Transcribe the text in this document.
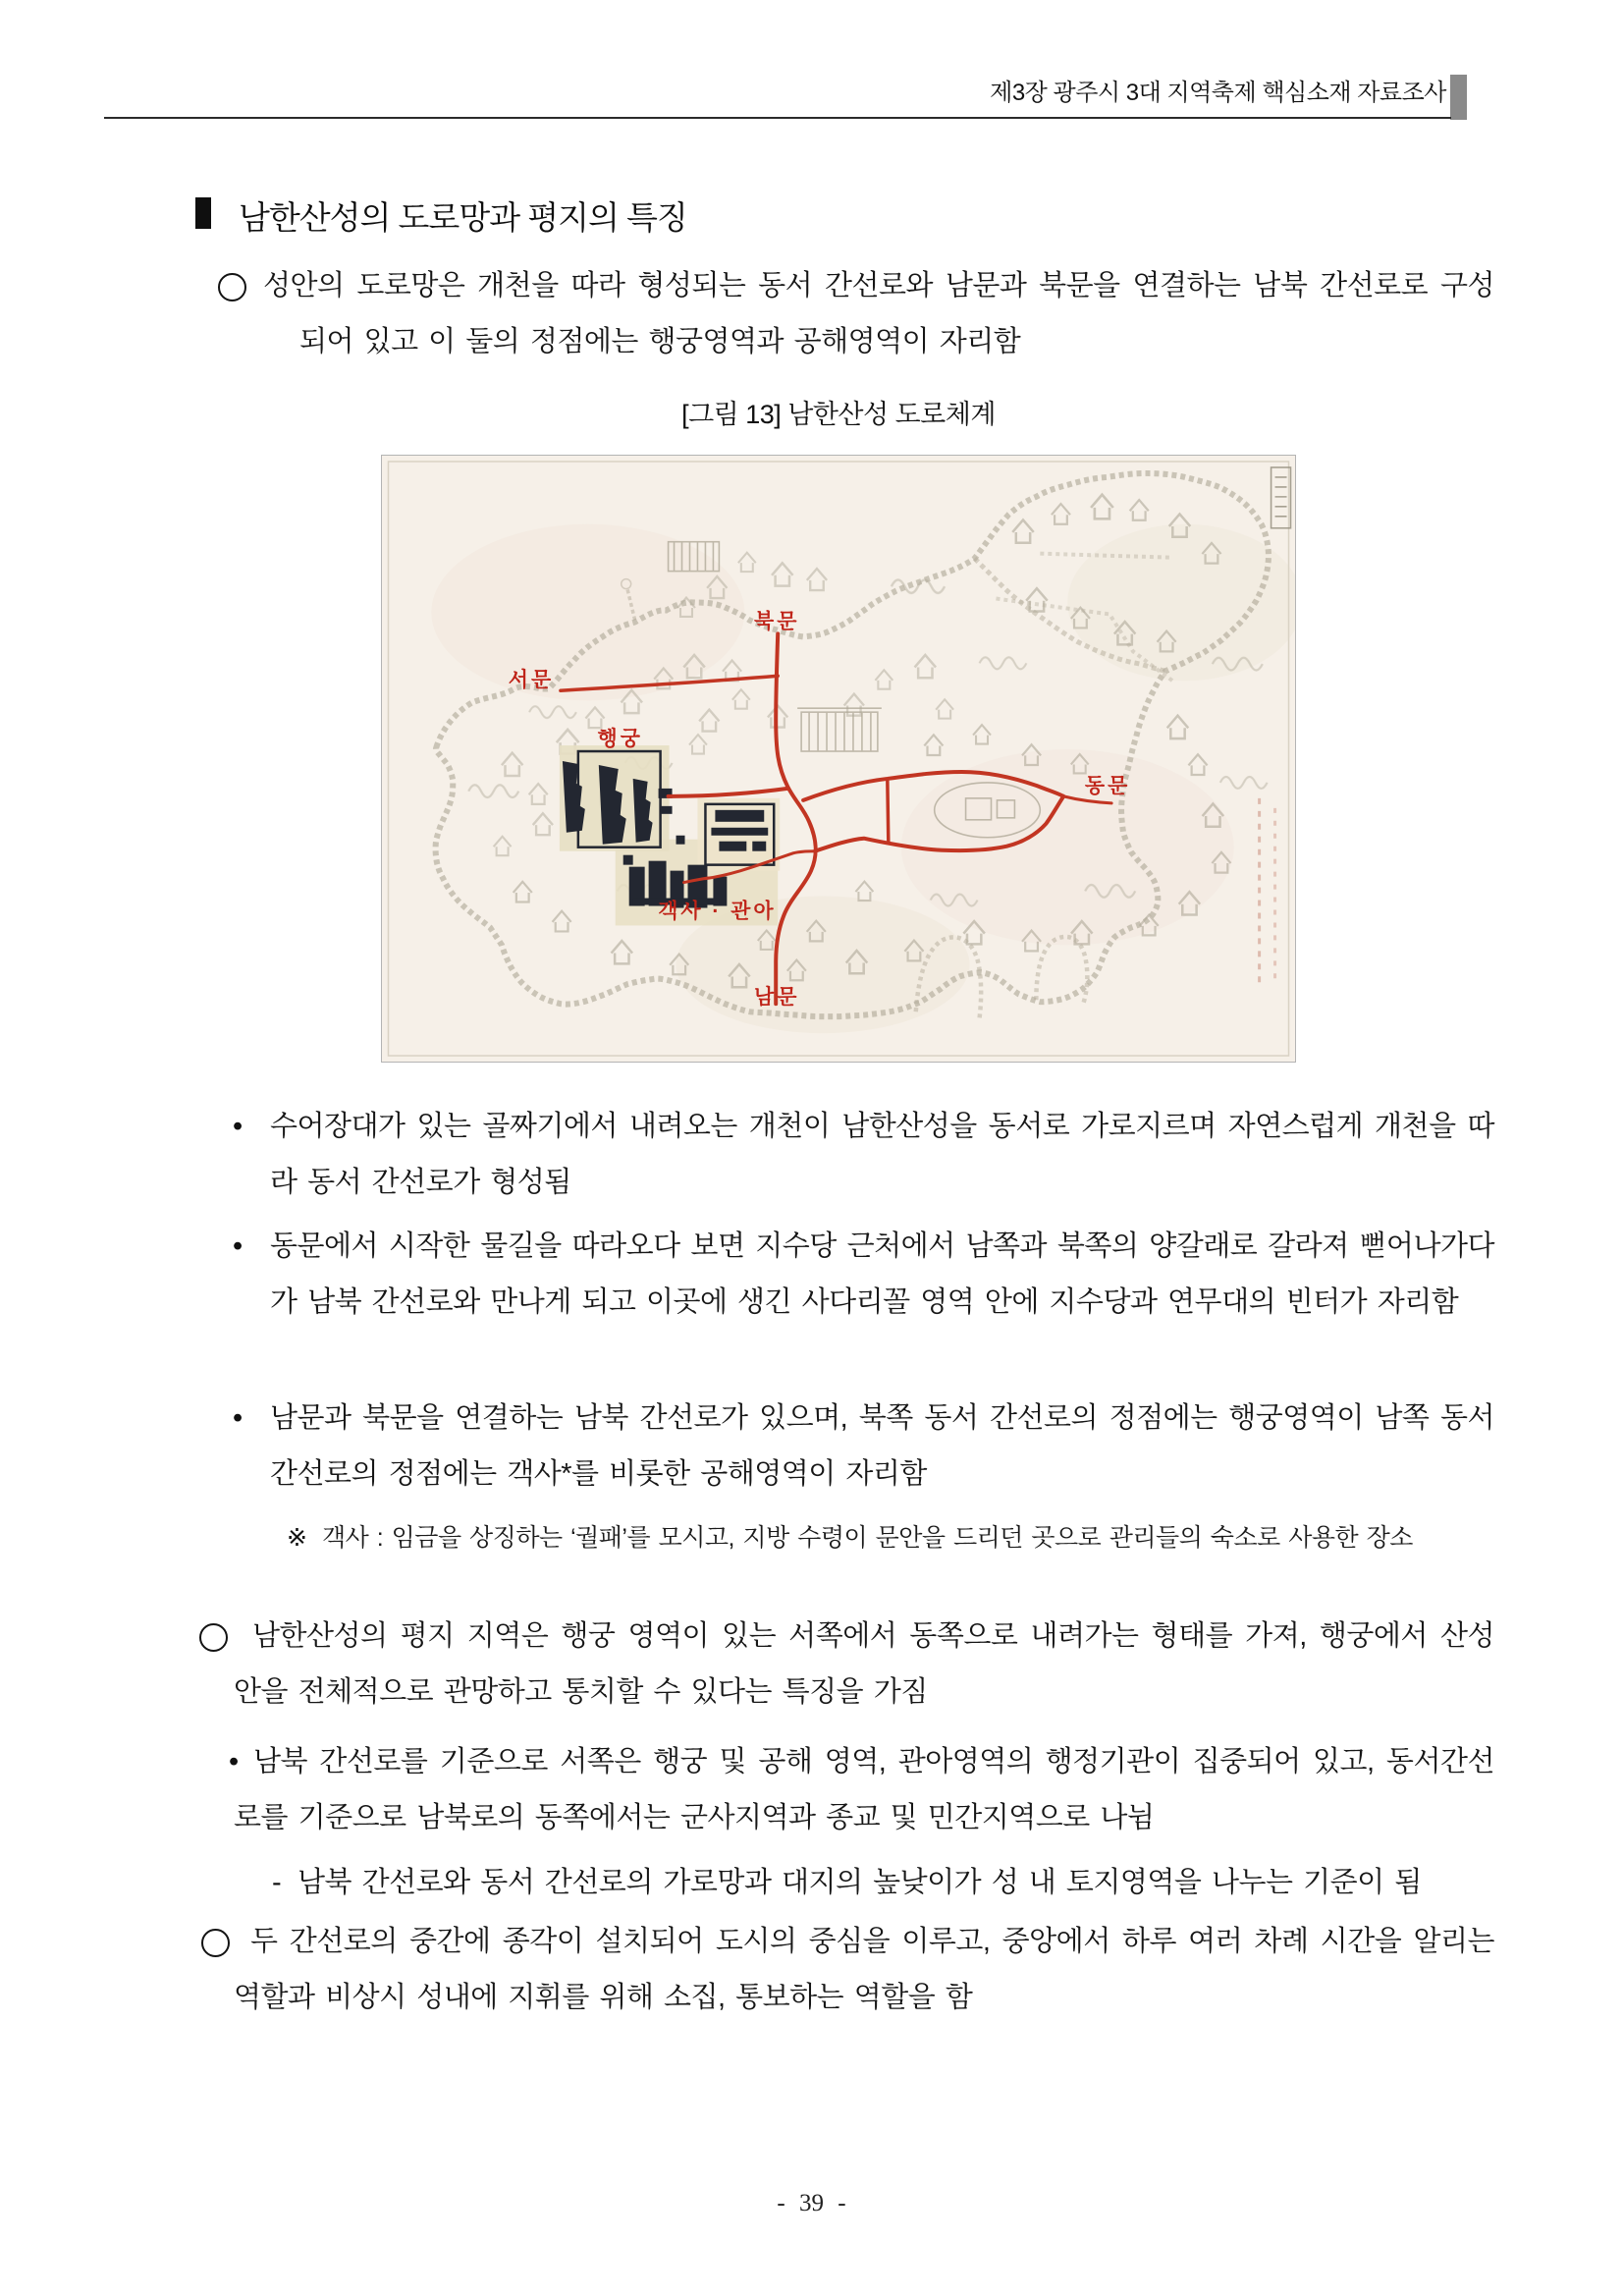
제3장 광주시 3대 지역축제 핵심소재 자료조사
남한산성의 도로망과 평지의 특징
성안의 도로망은 개천을 따라 형성되는 동서 간선로와 남문과 북문을 연결하는 남북 간선로로 구성되어 있고 이 둘의 정점에는 행궁영역과 공해영역이 자리함
[그림 13] 남한산성 도로체계
북문
서문
행궁
동문
객사 · 관아
남문
• 수어장대가 있는 골짜기에서 내려오는 개천이 남한산성을 동서로 가로지르며 자연스럽게 개천을 따라 동서 간선로가 형성됨
• 동문에서 시작한 물길을 따라오다 보면 지수당 근처에서 남쪽과 북쪽의 양갈래로 갈라져 뻗어나가다가 남북 간선로와 만나게 되고 이곳에 생긴 사다리꼴 영역 안에 지수당과 연무대의 빈터가 자리함
• 남문과 북문을 연결하는 남북 간선로가 있으며, 북쪽 동서 간선로의 정점에는 행궁영역이 남쪽 동서 간선로의 정점에는 객사*를 비롯한 공해영역이 자리함
※ 객사 : 임금을 상징하는 ‘궐패’를 모시고, 지방 수령이 문안을 드리던 곳으로 관리들의 숙소로 사용한 장소
남한산성의 평지 지역은 행궁 영역이 있는 서쪽에서 동쪽으로 내려가는 형태를 가져, 행궁에서 산성 안을 전체적으로 관망하고 통치할 수 있다는 특징을 가짐
• 남북 간선로를 기준으로 서쪽은 행궁 및 공해 영역, 관아영역의 행정기관이 집중되어 있고, 동서간선로를 기준으로 남북로의 동쪽에서는 군사지역과 종교 및 민간지역으로 나뉨
- 남북 간선로와 동서 간선로의 가로망과 대지의 높낮이가 성 내 토지영역을 나누는 기준이 됨
두 간선로의 중간에 종각이 설치되어 도시의 중심을 이루고, 중앙에서 하루 여러 차례 시간을 알리는 역할과 비상시 성내에 지휘를 위해 소집, 통보하는 역할을 함
- 39 -
